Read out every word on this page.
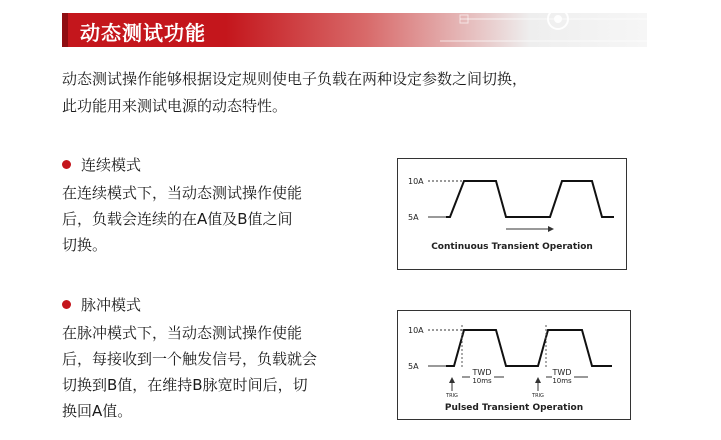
动态测试功能
动态测试操作能够根据设定规则使电子负载在两种设定参数之间切换，
此功能用来测试电源的动态特性。
连续模式
在连续模式下，当动态测试操作使能
后，负载会连续的在A值及B值之间
切换。
10A
5A
Continuous Transient Operation
脉冲模式
在脉冲模式下，当动态测试操作使能
后，每接收到一个触发信号，负载就会
切换到B值，在维持B脉宽时间后，切
换回A值。
10A
5A
TWD
10ms
TWD
10ms
TRIG	TRIG
Pulsed Transient Operation
